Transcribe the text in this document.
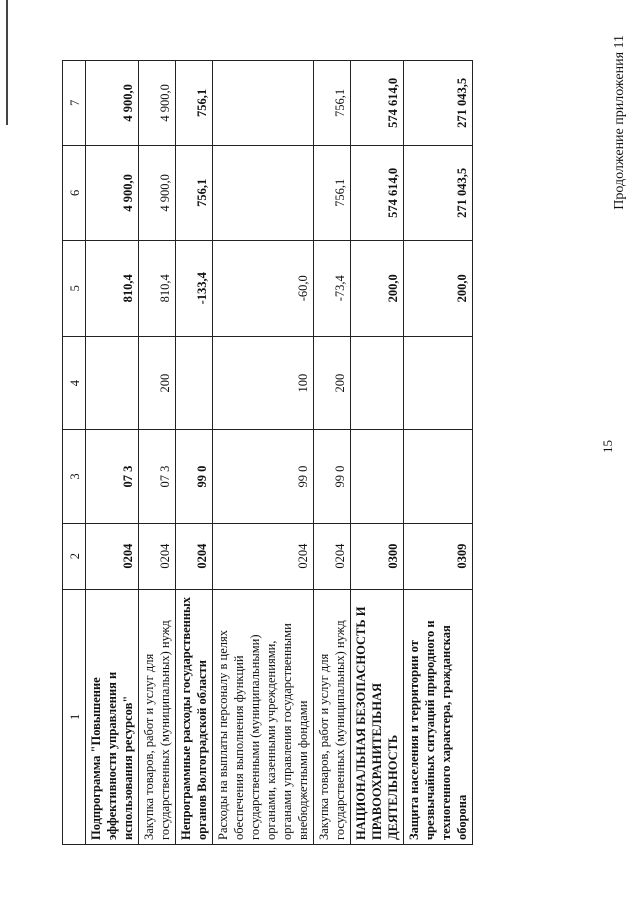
15
Продолжение приложения 11
1	2	3	4	5	6	7
Подпрограмма "Повышение эффективности управления и использования ресурсов"	0204	07 3		810,4	4 900,0	4 900,0
Закупка товаров, работ и услуг для государственных (муниципальных) нужд	0204	07 3	200	810,4	4 900,0	4 900,0
Непрограммные расходы государственных органов Волгоградской области	0204	99 0		-133,4	756,1	756,1
Расходы на выплаты персоналу в целях обеспечения выполнения функций государственными (муниципальными) органами, казенными учреждениями, органами управления государственными внебюджетными фондами	0204	99 0	100	-60,0		
Закупка товаров, работ и услуг для государственных (муниципальных) нужд	0204	99 0	200	-73,4	756,1	756,1
НАЦИОНАЛЬНАЯ БЕЗОПАСНОСТЬ И ПРАВООХРАНИТЕЛЬНАЯ ДЕЯТЕЛЬНОСТЬ	0300			200,0	574 614,0	574 614,0
Защита населения и территории от чрезвычайных ситуаций природного и техногенного характера, гражданская оборона	0309			200,0	271 043,5	271 043,5
